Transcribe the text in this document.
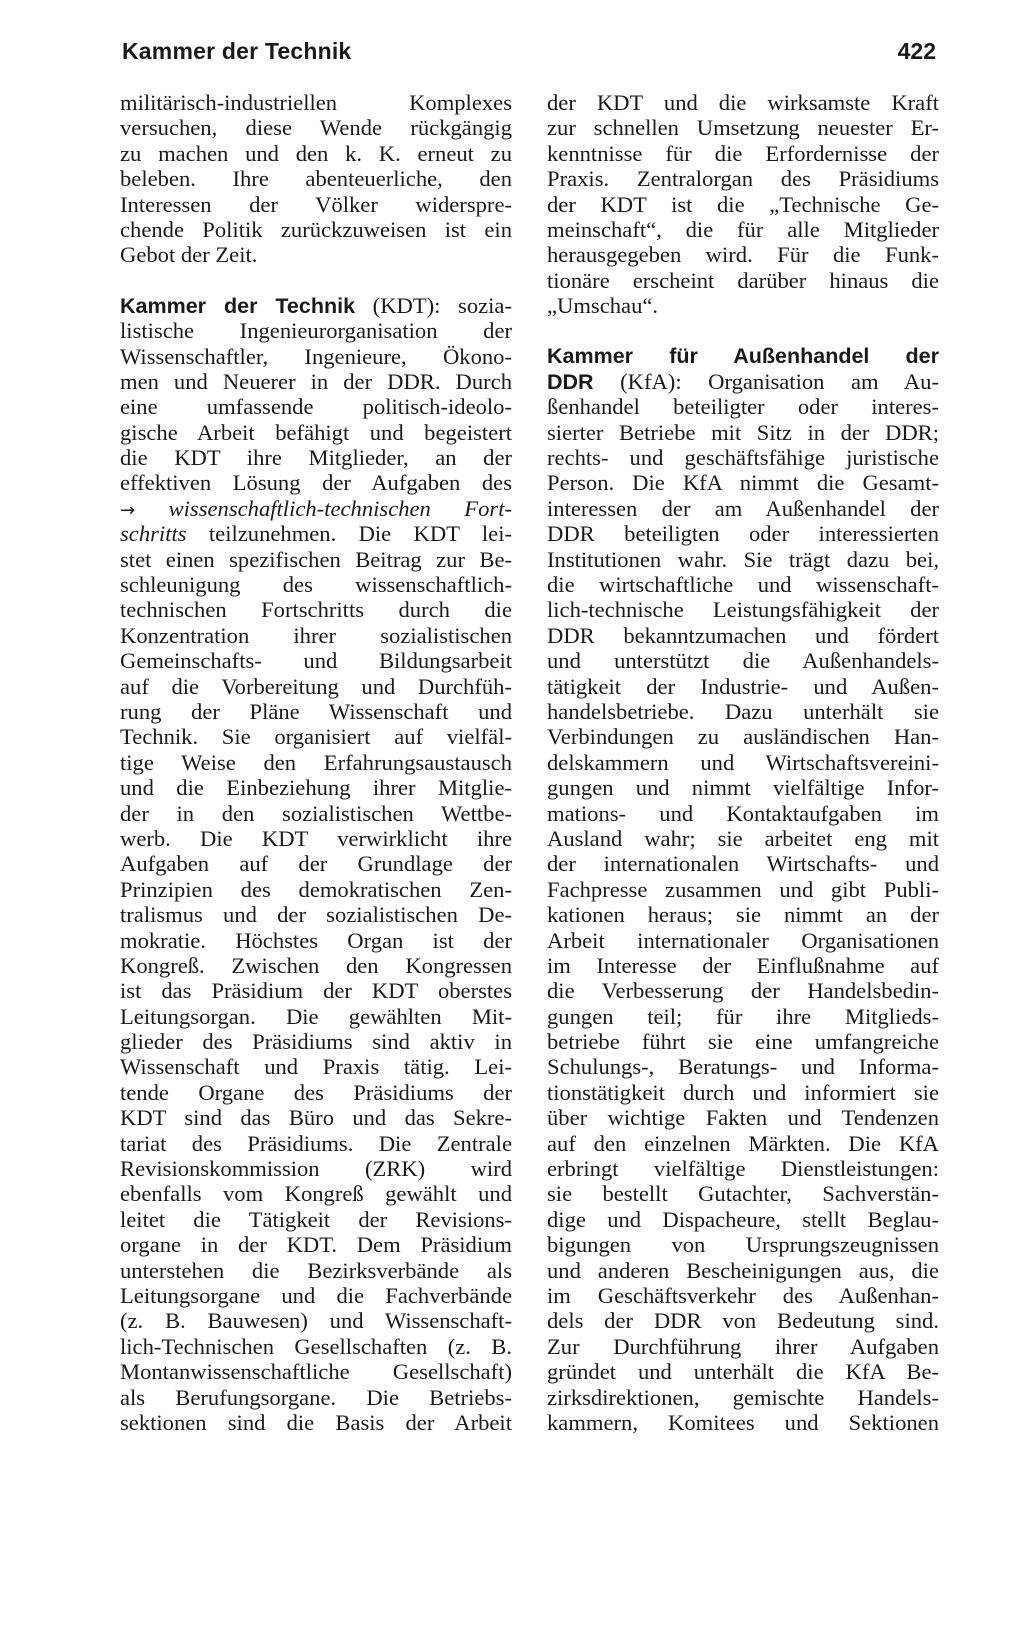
Kammer der Technik	422
militärisch-industriellen Komplexes
versuchen, diese Wende rückgängig
zu machen und den k. K. erneut zu
beleben. Ihre abenteuerliche, den
Interessen der Völker widerspre-
chende Politik zurückzuweisen ist ein
Gebot der Zeit.
Kammer der Technik (KDT): sozia-
listische Ingenieurorganisation der
Wissenschaftler, Ingenieure, Ökono-
men und Neuerer in der DDR. Durch
eine umfassende politisch-ideolo-
gische Arbeit befähigt und begeistert
die KDT ihre Mitglieder, an der
effektiven Lösung der Aufgaben des
→ wissenschaftlich-technischen Fort-
schritts teilzunehmen. Die KDT lei-
stet einen spezifischen Beitrag zur Be-
schleunigung des wissenschaftlich-
technischen Fortschritts durch die
Konzentration ihrer sozialistischen
Gemeinschafts- und Bildungsarbeit
auf die Vorbereitung und Durchfüh-
rung der Pläne Wissenschaft und
Technik. Sie organisiert auf vielfäl-
tige Weise den Erfahrungsaustausch
und die Einbeziehung ihrer Mitglie-
der in den sozialistischen Wettbe-
werb. Die KDT verwirklicht ihre
Aufgaben auf der Grundlage der
Prinzipien des demokratischen Zen-
tralismus und der sozialistischen De-
mokratie. Höchstes Organ ist der
Kongreß. Zwischen den Kongressen
ist das Präsidium der KDT oberstes
Leitungsorgan. Die gewählten Mit-
glieder des Präsidiums sind aktiv in
Wissenschaft und Praxis tätig. Lei-
tende Organe des Präsidiums der
KDT sind das Büro und das Sekre-
tariat des Präsidiums. Die Zentrale
Revisionskommission (ZRK) wird
ebenfalls vom Kongreß gewählt und
leitet die Tätigkeit der Revisions-
organe in der KDT. Dem Präsidium
unterstehen die Bezirksverbände als
Leitungsorgane und die Fachverbände
(z. B. Bauwesen) und Wissenschaft-
lich-Technischen Gesellschaften (z. B.
Montanwissenschaftliche Gesellschaft)
als Berufungsorgane. Die Betriebs-
sektionen sind die Basis der Arbeit
der KDT und die wirksamste Kraft
zur schnellen Umsetzung neuester Er-
kenntnisse für die Erfordernisse der
Praxis. Zentralorgan des Präsidiums
der KDT ist die „Technische Ge-
meinschaft“, die für alle Mitglieder
herausgegeben wird. Für die Funk-
tionäre erscheint darüber hinaus die
„Umschau“.
Kammer für Außenhandel der
DDR (KfA): Organisation am Au-
ßenhandel beteiligter oder interes-
sierter Betriebe mit Sitz in der DDR;
rechts- und geschäftsfähige juristische
Person. Die KfA nimmt die Gesamt-
interessen der am Außenhandel der
DDR beteiligten oder interessierten
Institutionen wahr. Sie trägt dazu bei,
die wirtschaftliche und wissenschaft-
lich-technische Leistungsfähigkeit der
DDR bekanntzumachen und fördert
und unterstützt die Außenhandels-
tätigkeit der Industrie- und Außen-
handelsbetriebe. Dazu unterhält sie
Verbindungen zu ausländischen Han-
delskammern und Wirtschaftsvereini-
gungen und nimmt vielfältige Infor-
mations- und Kontaktaufgaben im
Ausland wahr; sie arbeitet eng mit
der internationalen Wirtschafts- und
Fachpresse zusammen und gibt Publi-
kationen heraus; sie nimmt an der
Arbeit internationaler Organisationen
im Interesse der Einflußnahme auf
die Verbesserung der Handelsbedin-
gungen teil; für ihre Mitglieds-
betriebe führt sie eine umfangreiche
Schulungs-, Beratungs- und Informa-
tionstätigkeit durch und informiert sie
über wichtige Fakten und Tendenzen
auf den einzelnen Märkten. Die KfA
erbringt vielfältige Dienstleistungen:
sie bestellt Gutachter, Sachverstän-
dige und Dispacheure, stellt Beglau-
bigungen von Ursprungszeugnissen
und anderen Bescheinigungen aus, die
im Geschäftsverkehr des Außenhan-
dels der DDR von Bedeutung sind.
Zur Durchführung ihrer Aufgaben
gründet und unterhält die KfA Be-
zirksdirektionen, gemischte Handels-
kammern, Komitees und Sektionen
